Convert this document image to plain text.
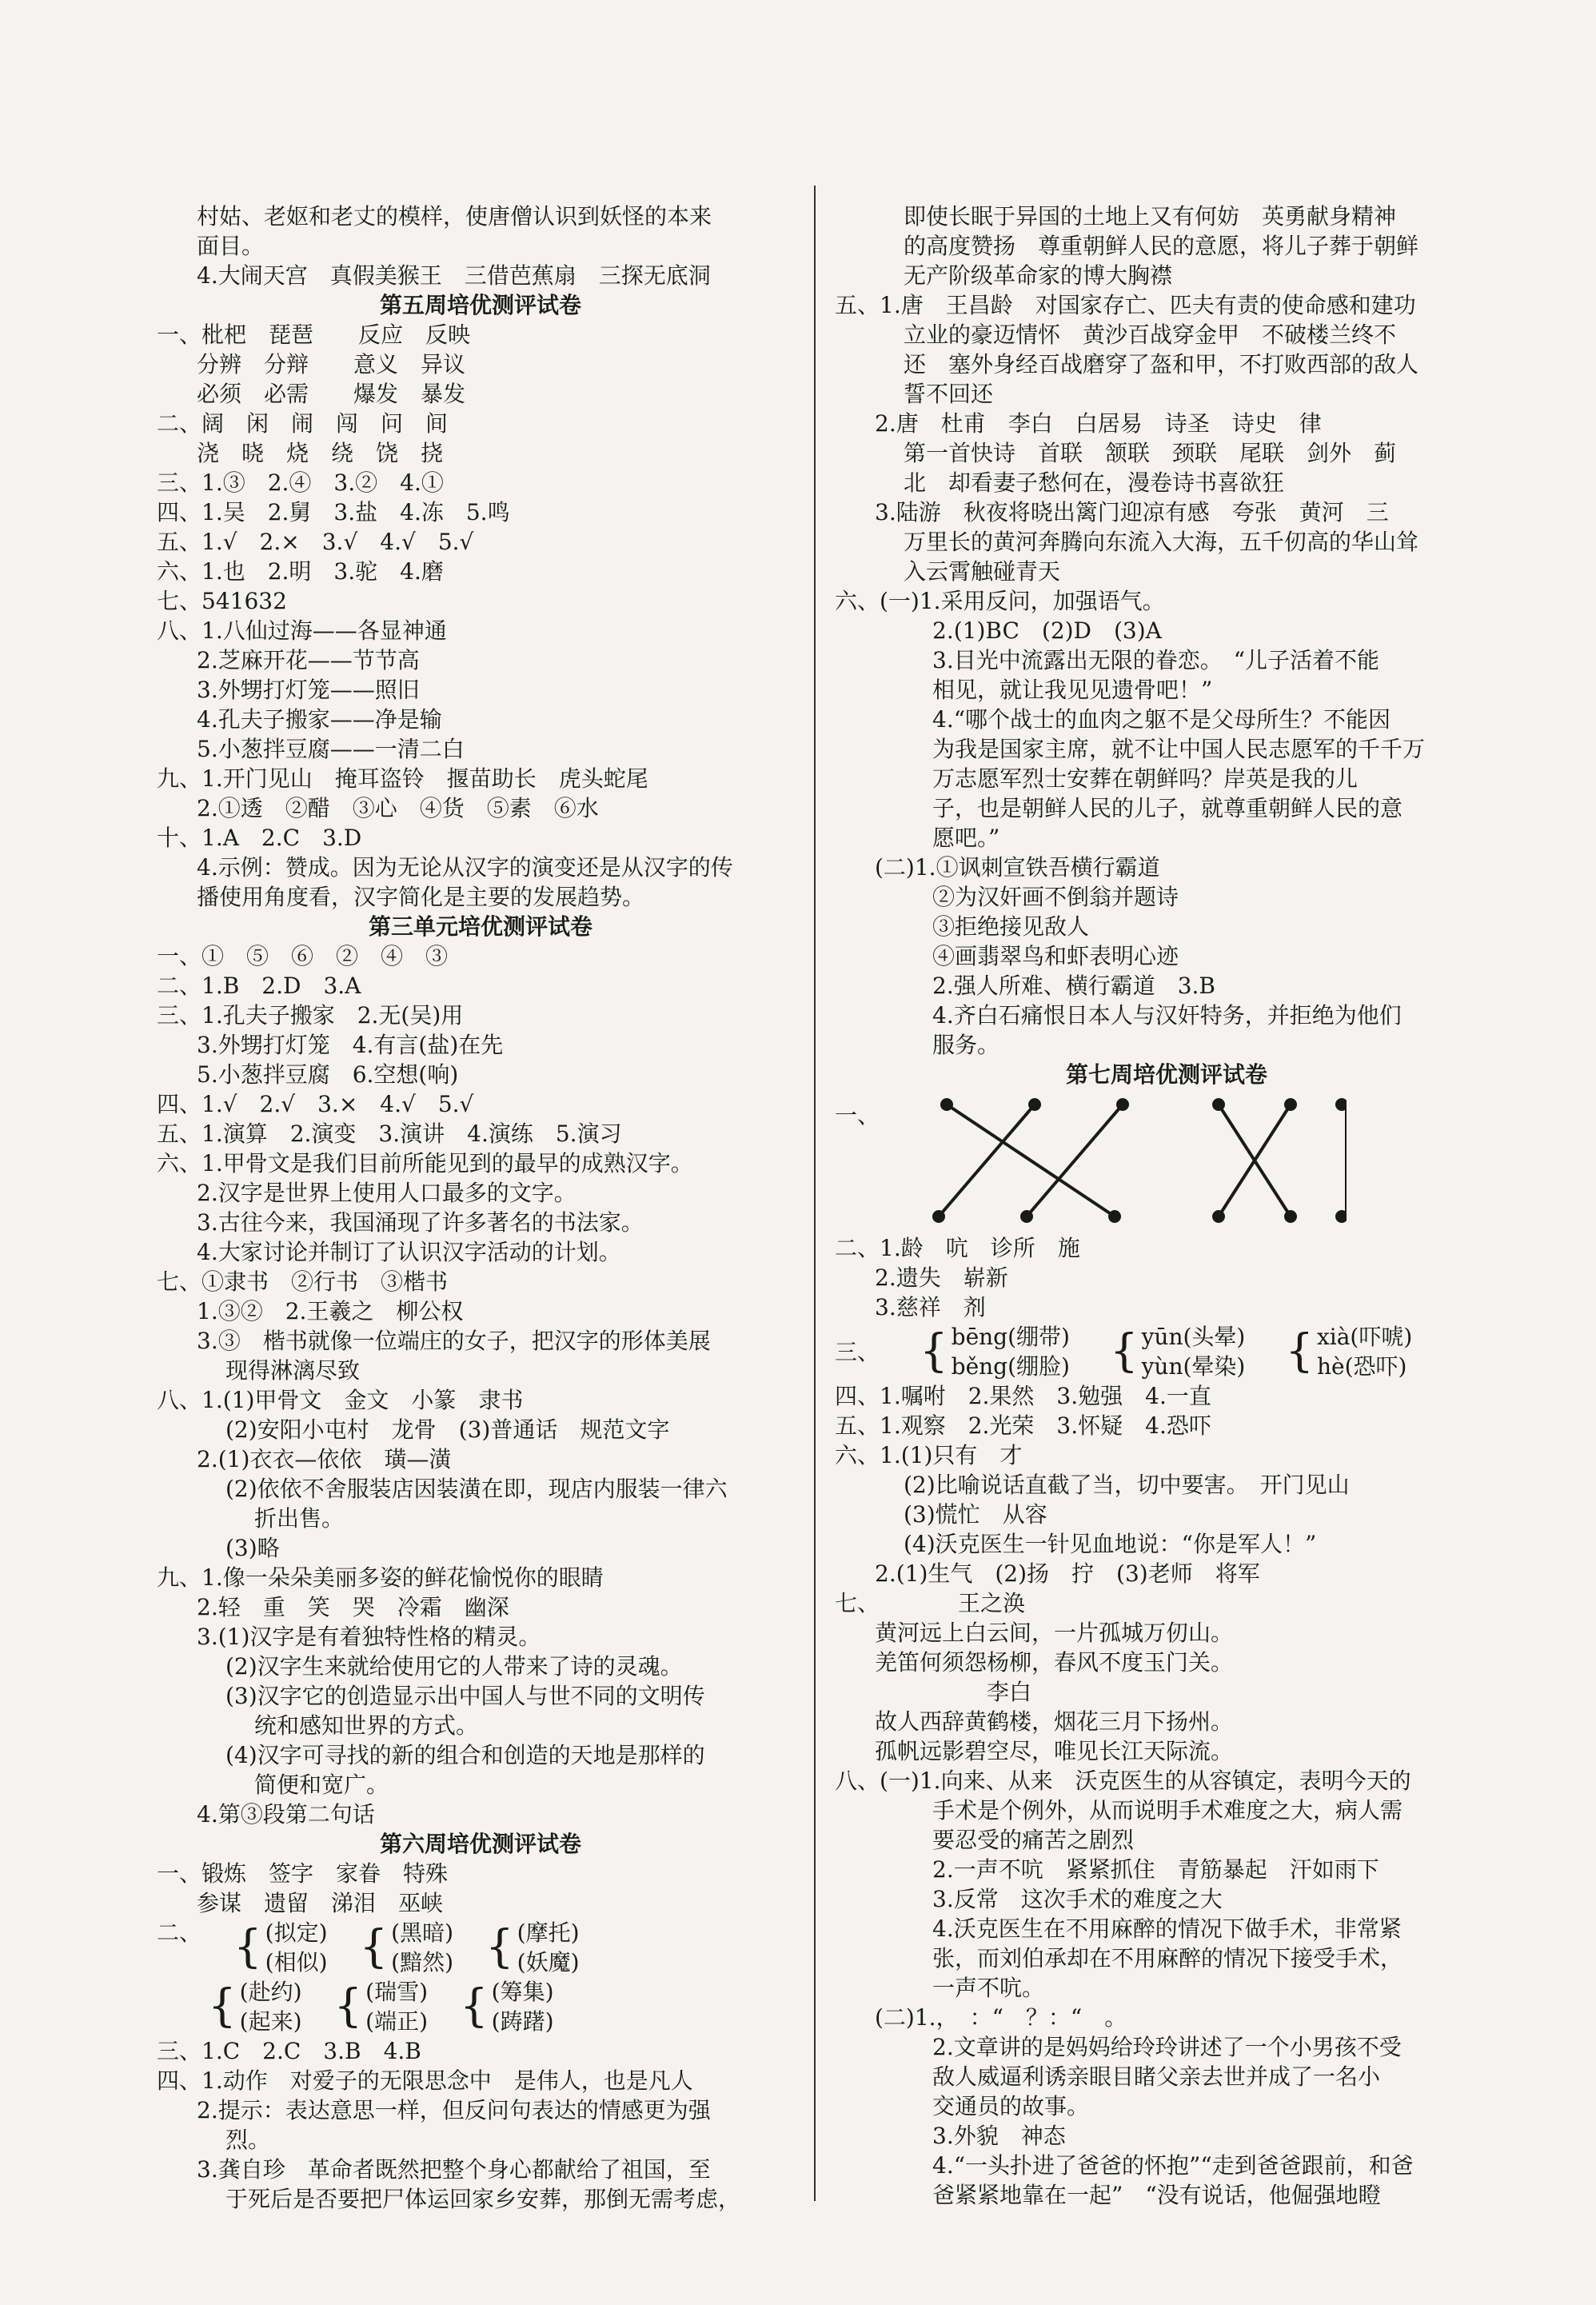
村姑、老妪和老丈的模样，使唐僧认识到妖怪的本来
面目。
4.大闹天宫　真假美猴王　三借芭蕉扇　三探无底洞
第五周培优测评试卷
一、枇杷　琵琶　　反应　反映
分辨　分辩　　意义　异议
必须　必需　　爆发　暴发
二、阔　闲　闹　闯　问　间
浇　晓　烧　绕　饶　挠
三、1.③　2.④　3.②　4.①
四、1.吴　2.舅　3.盐　4.冻　5.鸣
五、1.√　2.×　3.√　4.√　5.√
六、1.也　2.明　3.驼　4.磨
七、541632
八、1.八仙过海——各显神通
2.芝麻开花——节节高
3.外甥打灯笼——照旧
4.孔夫子搬家——净是输
5.小葱拌豆腐——一清二白
九、1.开门见山　掩耳盗铃　揠苗助长　虎头蛇尾
2.①透　②醋　③心　④货　⑤素　⑥水
十、1.A　2.C　3.D
4.示例：赞成。因为无论从汉字的演变还是从汉字的传
播使用角度看，汉字简化是主要的发展趋势。
第三单元培优测评试卷
一、①　⑤　⑥　②　④　③
二、1.B　2.D　3.A
三、1.孔夫子搬家　2.无(吴)用
3.外甥打灯笼　4.有言(盐)在先
5.小葱拌豆腐　6.空想(响)
四、1.√　2.√　3.×　4.√　5.√
五、1.演算　2.演变　3.演讲　4.演练　5.演习
六、1.甲骨文是我们目前所能见到的最早的成熟汉字。
2.汉字是世界上使用人口最多的文字。
3.古往今来，我国涌现了许多著名的书法家。
4.大家讨论并制订了认识汉字活动的计划。
七、①隶书　②行书　③楷书
1.③②　2.王羲之　柳公权
3.③　楷书就像一位端庄的女子，把汉字的形体美展
现得淋漓尽致
八、1.(1)甲骨文　金文　小篆　隶书
(2)安阳小屯村　龙骨　(3)普通话　规范文字
2.(1)衣衣—依依　璜—潢
(2)依依不舍服装店因装潢在即，现店内服装一律六
折出售。
(3)略
九、1.像一朵朵美丽多姿的鲜花愉悦你的眼睛
2.轻　重　笑　哭　冷霜　幽深
3.(1)汉字是有着独特性格的精灵。
(2)汉字生来就给使用它的人带来了诗的灵魂。
(3)汉字它的创造显示出中国人与世不同的文明传
统和感知世界的方式。
(4)汉字可寻找的新的组合和创造的天地是那样的
简便和宽广。
4.第③段第二句话
第六周培优测评试卷
一、锻炼　签字　家眷　特殊
参谋　遗留　涕泪　巫峡
二、 { (拟定)
(相似) { (黑暗)
(黯然) { (摩托)
(妖魔)
{ (赴约)
(起来) { (瑞雪)
(端正) { (筹集)
(踌躇)
三、1.C　2.C　3.B　4.B
四、1.动作　对爱子的无限思念中　是伟人，也是凡人
2.提示：表达意思一样，但反问句表达的情感更为强
烈。
3.龚自珍　革命者既然把整个身心都献给了祖国，至
于死后是否要把尸体运回家乡安葬，那倒无需考虑，
即使长眠于异国的土地上又有何妨　英勇献身精神
的高度赞扬　尊重朝鲜人民的意愿，将儿子葬于朝鲜
无产阶级革命家的博大胸襟
五、1.唐　王昌龄　对国家存亡、匹夫有责的使命感和建功
立业的豪迈情怀　黄沙百战穿金甲　不破楼兰终不
还　塞外身经百战磨穿了盔和甲，不打败西部的敌人
誓不回还
2.唐　杜甫　李白　白居易　诗圣　诗史　律
第一首快诗　首联　颔联　颈联　尾联　剑外　蓟
北　却看妻子愁何在，漫卷诗书喜欲狂
3.陆游　秋夜将晓出篱门迎凉有感　夸张　黄河　三
万里长的黄河奔腾向东流入大海，五千仞高的华山耸
入云霄触碰青天
六、(一)1.采用反问，加强语气。
2.(1)BC　(2)D　(3)A
3.目光中流露出无限的眷恋。　“儿子活着不能
相见，就让我见见遗骨吧！”
4.“哪个战士的血肉之躯不是父母所生？不能因
为我是国家主席，就不让中国人民志愿军的千千万
万志愿军烈士安葬在朝鲜吗？岸英是我的儿
子，也是朝鲜人民的儿子，就尊重朝鲜人民的意
愿吧。”
(二)1.①讽刺宣铁吾横行霸道
②为汉奸画不倒翁并题诗
③拒绝接见敌人
④画翡翠鸟和虾表明心迹
2.强人所难、横行霸道　3.B
4.齐白石痛恨日本人与汉奸特务，并拒绝为他们
服务。
第七周培优测评试卷
一、
二、1.龄　吭　诊所　施
2.遗失　崭新
3.慈祥　剂
三、 { bēng(绷带)
běng(绷脸) { yūn(头晕)
yùn(晕染) { xià(吓唬)
hè(恐吓)
四、1.嘱咐　2.果然　3.勉强　4.一直
五、1.观察　2.光荣　3.怀疑　4.恐吓
六、1.(1)只有　才
(2)比喻说话直截了当，切中要害。　开门见山
(3)慌忙　从容
(4)沃克医生一针见血地说：“你是军人！”
2.(1)生气　(2)扬　拧　(3)老师　将军
七、　　　　王之涣
黄河远上白云间，一片孤城万仞山。
羌笛何须怨杨柳，春风不度玉门关。
　　　　　李白
故人西辞黄鹤楼，烟花三月下扬州。
孤帆远影碧空尽，唯见长江天际流。
八、(一)1.向来、从来　沃克医生的从容镇定，表明今天的
手术是个例外，从而说明手术难度之大，病人需
要忍受的痛苦之剧烈
2.一声不吭　紧紧抓住　青筋暴起　汗如雨下
3.反常　这次手术的难度之大
4.沃克医生在不用麻醉的情况下做手术，非常紧
张，而刘伯承却在不用麻醉的情况下接受手术，
一声不吭。
(二)1.，　：“　？：“　。
2.文章讲的是妈妈给玲玲讲述了一个小男孩不受
敌人威逼利诱亲眼目睹父亲去世并成了一名小
交通员的故事。
3.外貌　神态
4.“一头扑进了爸爸的怀抱”“走到爸爸跟前，和爸
爸紧紧地靠在一起”　“没有说话，他倔强地瞪
